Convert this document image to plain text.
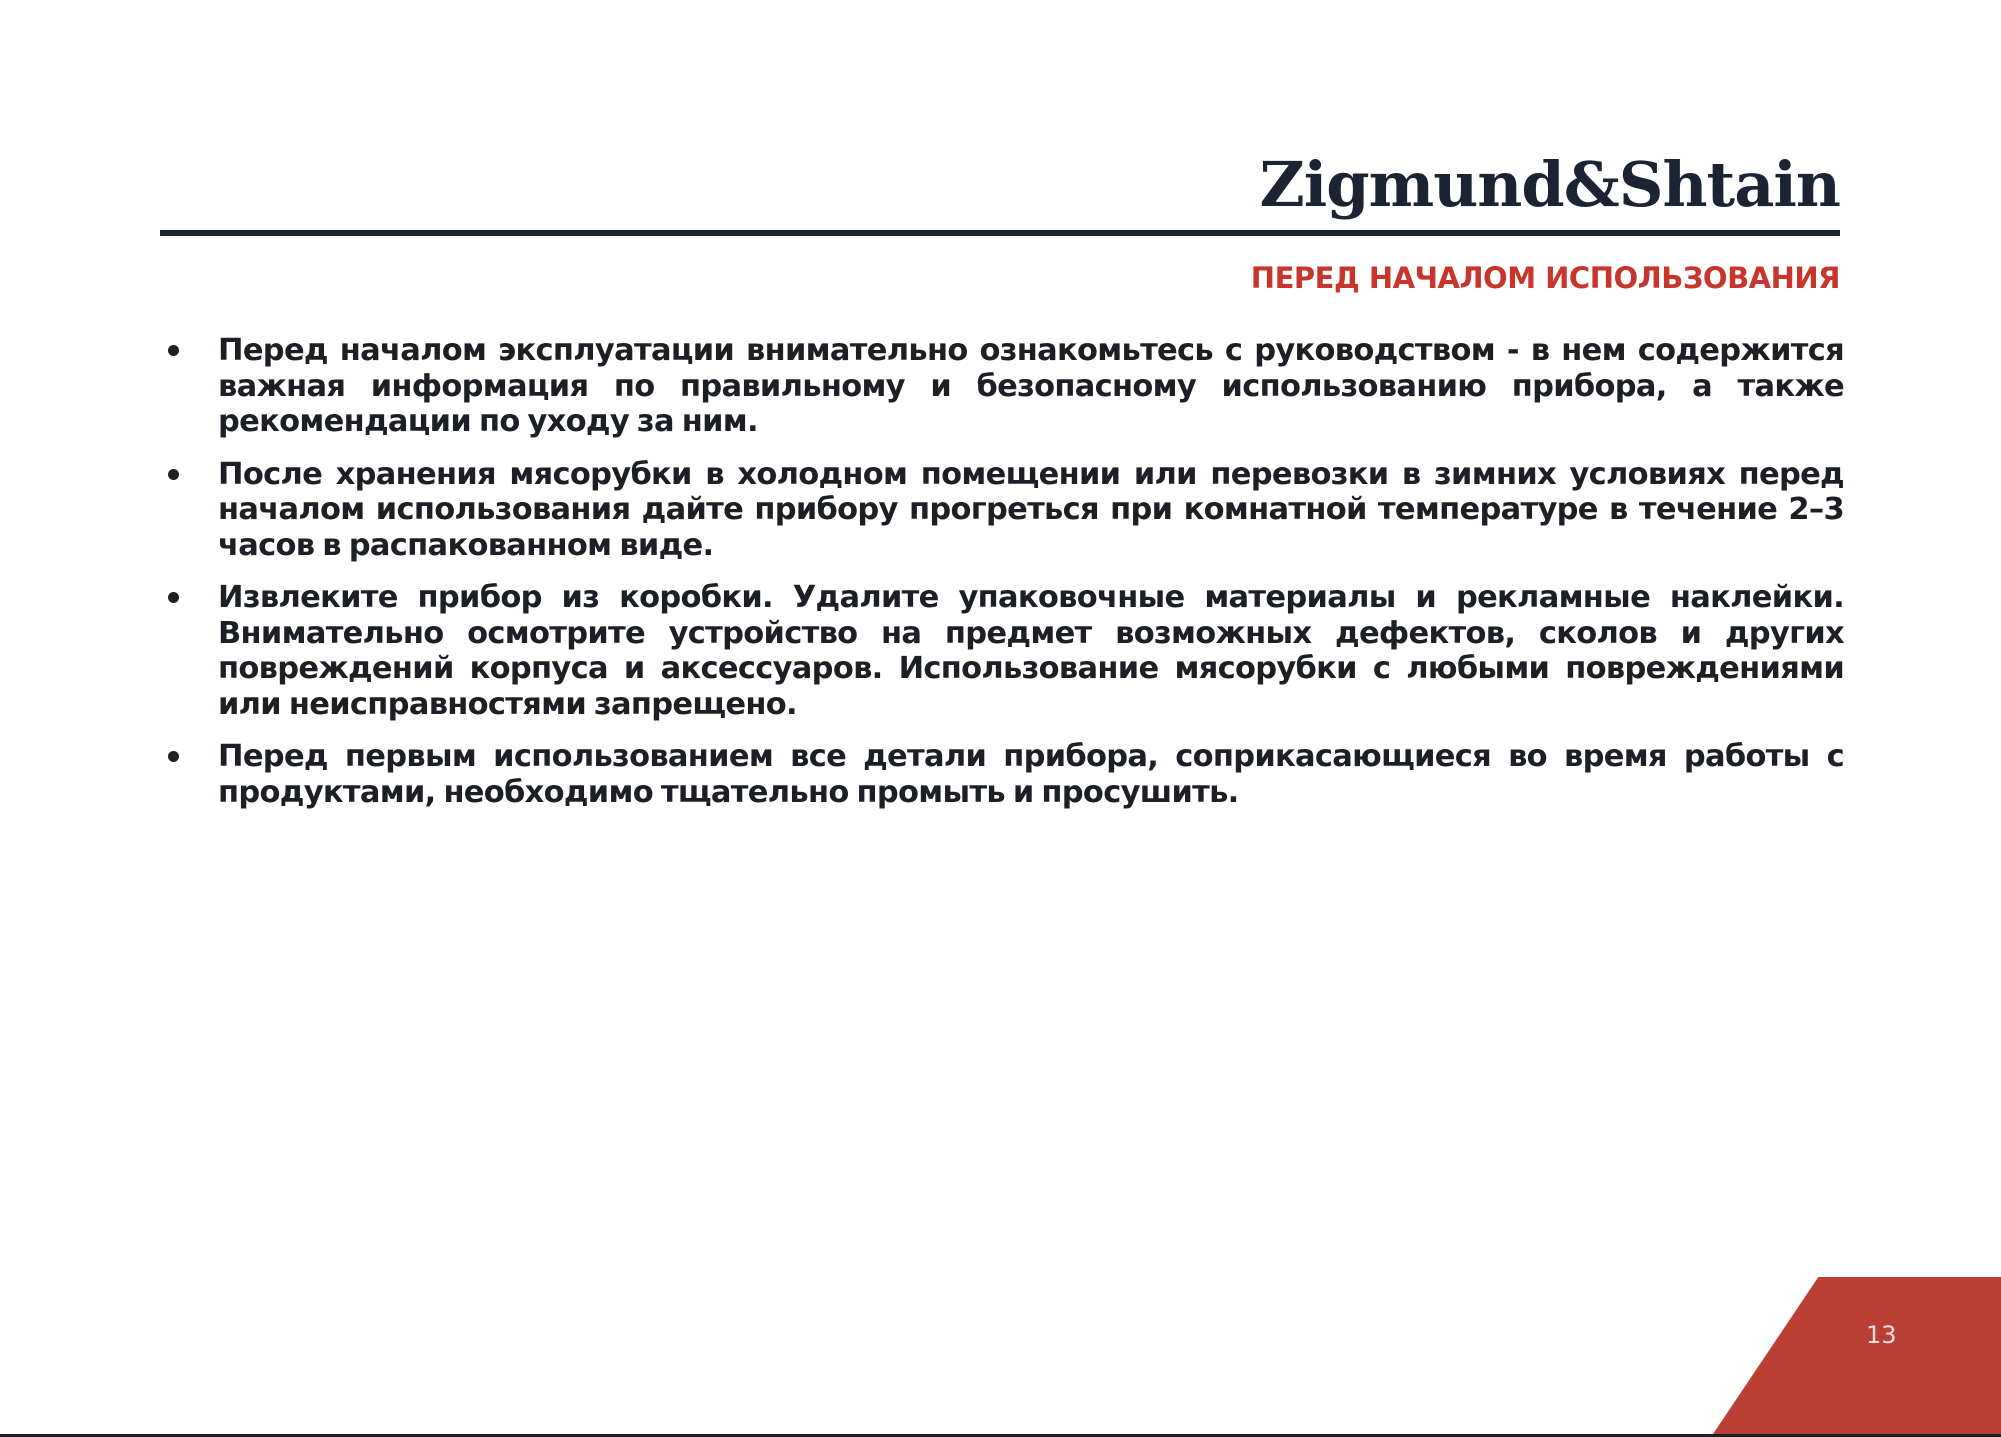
Zigmund&Shtain
ПЕРЕД НАЧАЛОМ ИСПОЛЬЗОВАНИЯ
Перед началом эксплуатации внимательно ознакомьтесь с руководством - в нем содержится важная информация по правильному и безопасному использованию прибора, а также рекомендации по уходу за ним.
После хранения мясорубки в холодном помещении или перевозки в зимних условиях перед началом использования дайте прибору прогреться при комнатной температуре в течение 2–3 часов в распакованном виде.
Извлеките прибор из коробки. Удалите упаковочные материалы и рекламные наклейки. Внимательно осмотрите устройство на предмет возможных дефектов, сколов и других повреждений корпуса и аксессуаров. Использование мясорубки с любыми повреждениями или неисправностями запрещено.
Перед первым использованием все детали прибора, соприкасающиеся во время работы с продуктами, необходимо тщательно промыть и просушить.
13
